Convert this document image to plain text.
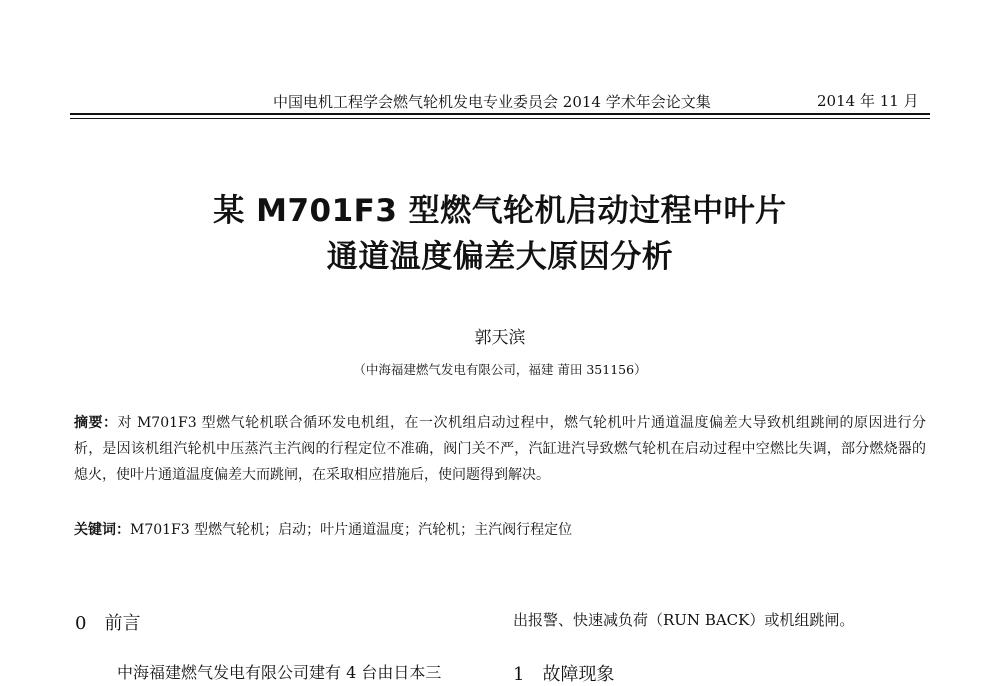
中国电机工程学会燃气轮机发电专业委员会 2014 学术年会论文集	2014 年 11 月
某 M701F3 型燃气轮机启动过程中叶片
通道温度偏差大原因分析
郭天滨
（中海福建燃气发电有限公司，福建 莆田 351156）
摘要：对 M701F3 型燃气轮机联合循环发电机组，在一次机组启动过程中，燃气轮机叶片通道温度偏差大导致机组跳闸的原因进行分析，是因该机组汽轮机中压蒸汽主汽阀的行程定位不准确，阀门关不严，汽缸进汽导致燃气轮机在启动过程中空燃比失调，部分燃烧器的熄火，使叶片通道温度偏差大而跳闸，在采取相应措施后，使问题得到解决。
关键词：M701F3 型燃气轮机；启动；叶片通道温度；汽轮机；主汽阀行程定位
0 前言	出报警、快速减负荷（RUN BACK）或机组跳闸。
中海福建燃气发电有限公司建有 4 台由日本三	1 故障现象
